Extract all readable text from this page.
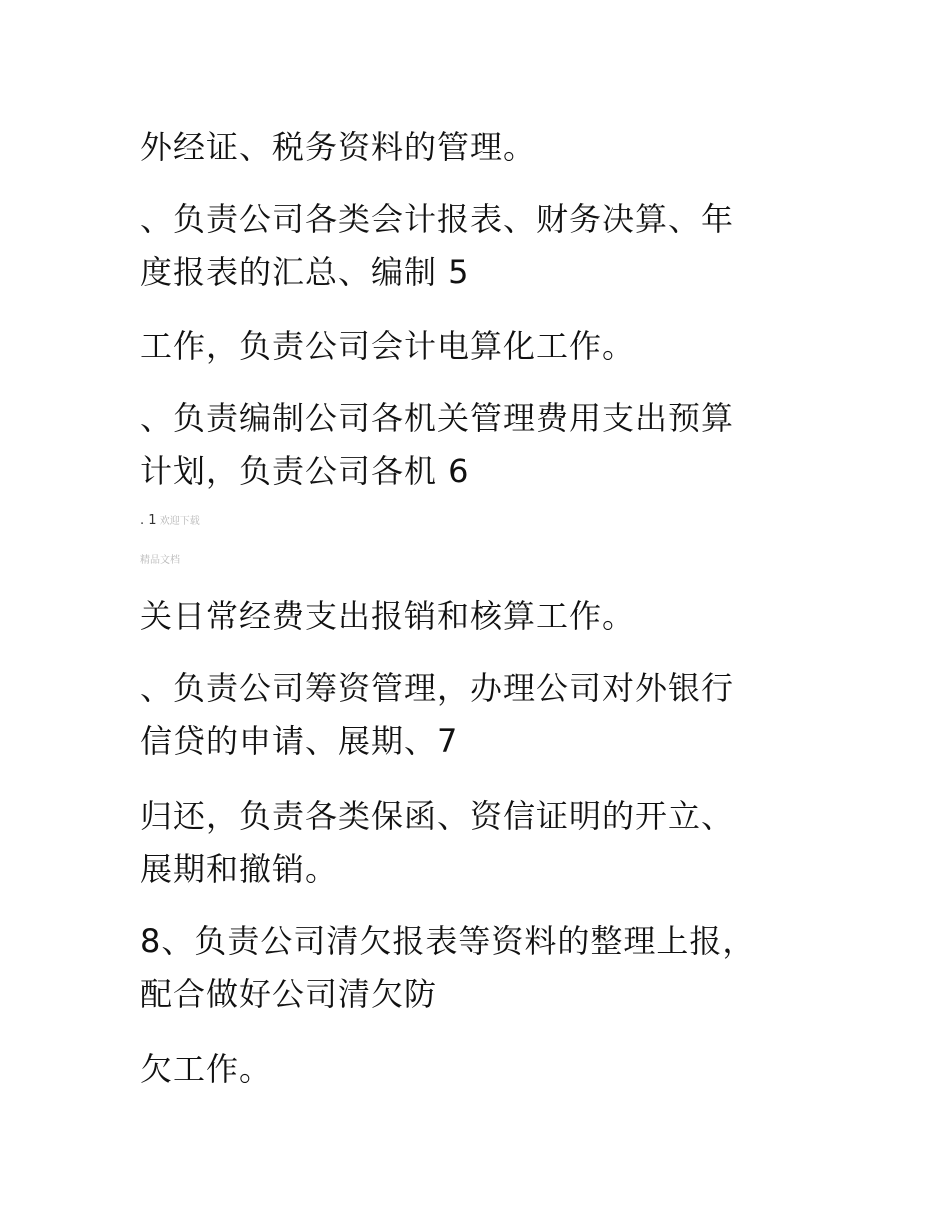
外经证、税务资料的管理。

、负责公司各类会计报表、财务决算、年
度报表的汇总、编制 5

工作，负责公司会计电算化工作。

、负责编制公司各机关管理费用支出预算
计划，负责公司各机 6

. 1 欢迎下载
精品文档

关日常经费支出报销和核算工作。

、负责公司筹资管理，办理公司对外银行
信贷的申请、展期、7

归还，负责各类保函、资信证明的开立、
展期和撤销。

8、负责公司清欠报表等资料的整理上报，
配合做好公司清欠防

欠工作。
